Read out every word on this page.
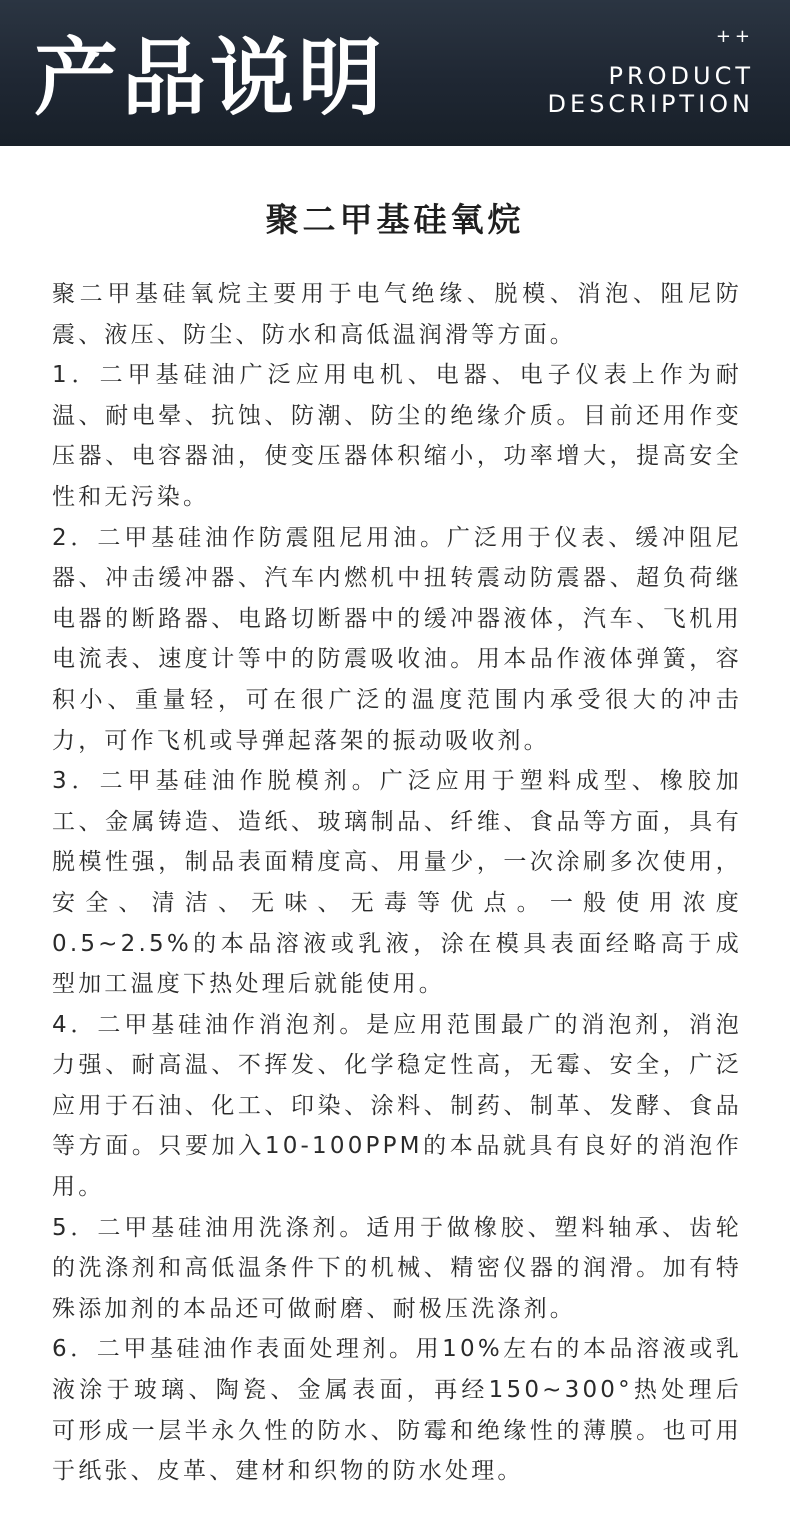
产品说明	++
PRODUCT
DESCRIPTION
聚二甲基硅氧烷

聚二甲基硅氧烷主要用于电气绝缘、脱模、消泡、阻尼防震、液压、防尘、防水和高低温润滑等方面。

1．二甲基硅油广泛应用电机、电器、电子仪表上作为耐温、耐电晕、抗蚀、防潮、防尘的绝缘介质。目前还用作变压器、电容器油，使变压器体积缩小，功率增大，提高安全性和无污染。

2．二甲基硅油作防震阻尼用油。广泛用于仪表、缓冲阻尼器、冲击缓冲器、汽车内燃机中扭转震动防震器、超负荷继电器的断路器、电路切断器中的缓冲器液体，汽车、飞机用电流表、速度计等中的防震吸收油。用本品作液体弹簧，容积小、重量轻，可在很广泛的温度范围内承受很大的冲击力，可作飞机或导弹起落架的振动吸收剂。

3．二甲基硅油作脱模剂。广泛应用于塑料成型、橡胶加工、金属铸造、造纸、玻璃制品、纤维、食品等方面，具有脱模性强，制品表面精度高、用量少，一次涂刷多次使用，安全、清洁、无味、无毒等优点。一般使用浓度0.5~2.5%的本品溶液或乳液，涂在模具表面经略高于成型加工温度下热处理后就能使用。

4．二甲基硅油作消泡剂。是应用范围最广的消泡剂，消泡力强、耐高温、不挥发、化学稳定性高，无霉、安全，广泛应用于石油、化工、印染、涂料、制药、制革、发酵、食品等方面。只要加入10-100PPM的本品就具有良好的消泡作用。

5．二甲基硅油用洗涤剂。适用于做橡胶、塑料轴承、齿轮的洗涤剂和高低温条件下的机械、精密仪器的润滑。加有特殊添加剂的本品还可做耐磨、耐极压洗涤剂。

6．二甲基硅油作表面处理剂。用10%左右的本品溶液或乳液涂于玻璃、陶瓷、金属表面，再经150~300°热处理后可形成一层半永久性的防水、防霉和绝缘性的薄膜。也可用于纸张、皮革、建材和织物的防水处理。
